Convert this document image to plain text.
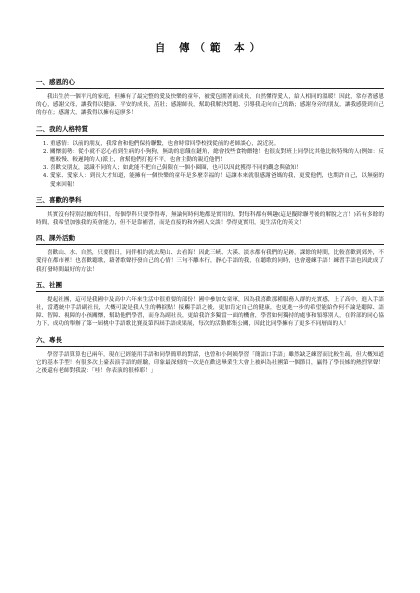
自 傳（範 本）
一、感恩的心

我出生於一個平凡的家庭，但擁有了最完整的愛及快樂的童年，被愛包圍著而成長，自然懂得愛人，給人相同的溫暖！因此，常存著感恩的心，感謝父母，讓我得以健康、平安的成長，茁壯；感謝師長，幫助我解決問題、引導我走向自己的路；感謝身旁的朋友，讓我感覺到自己的存在；感謝大，讓我得以擁有這廖多！

二、我的人格特質
1. 重感情：以前的朋友，我常會和他們保持聯繫，也會時常回學校找從前的老師談心，說近況。
2. 關懷弱勢：從小就不忍心看到生病的小狗狗，無助的惡餓在鏈角，總會找些食物餵牠！也很友對班上同學比其他比較特殊的人(例如：反應較慢、較遲鈍的人)派上，會幫他們打抱不平，也會主動的親近他們！
3. 喜歡交朋友，認識不同的人；如此能不把自己侷限在一個小圈圈，也可以因此獲得不同的觀念與啟知！
4. 愛家、愛家人：到長大才知道，能擁有一個快樂的童年是多麼幸福的！這讓本來就很感謝爸媽的我，更愛他們，也期許自己，以無窮的愛來回報！
三、喜歡的學科

其實沒有特別討厭的科目，每個學科只要學得專，無論何時何地都是實用的，對每科都有興趣(這是擬除聯考後的解脫之言！)若有多餘的時間，我希望加強我的英會能力，但不是靠補習，而是直接的和外國人交談！學得更實用，更生活化的英文！

四、課外活動

喜歡山、水、自然，只要假日，同伴相約就去爬山、去看海！因此三峽、大溪、淡水都有我們的足跡，課餘的時間，比較喜歡到郊外，不愛待在都市裡！也喜歡聽歌，藉著歌聲抒發自己的心情！三句不離本行，靜心手語的我，在聽歌的同時，也會邊練手語！練習手語也因此成了我打發時間最好的方法！

五、社團

提起社團，這可是我國中及高中六年來生活中很重要的部份！國中參加女童軍，因為我喜歡那種服務人群的充實感，上了高中，進入手語社，當選統中手語副社長，大概可說是我人生的轉捩點！接觸手語之後，更加肯定自己的健康，也更進一步的希望能給作何不論是聽障、語障、智障、視障的小孩關懷，幫助他們學習，而身為副社長，更給我許多獨當一面的機會，學習如何獨持的處事和領導別人，在幹部的同心協力下，成功的舉辦了第一屆桃中手語歌比賽及第四屆手語成果展，每次的活動都集公關，因此比同學擁有了更多不同層面的人！

六、專長

學習手語算算也已兩年，現在已經能用手語和同學簡單的對話，也曾和小阿姨學習「簡語口手語」雖然缺乏練習而比較生疏，但大概知道它的基本手型！有很多次上臺表演手語的經驗，印象最深刻的一次是在歡送畢業生大會上被糾為社團第一個節目，贏得了學長姊的熱烈掌聲！之後還有老師對我說：「哇！你表演的很棒耶！」
